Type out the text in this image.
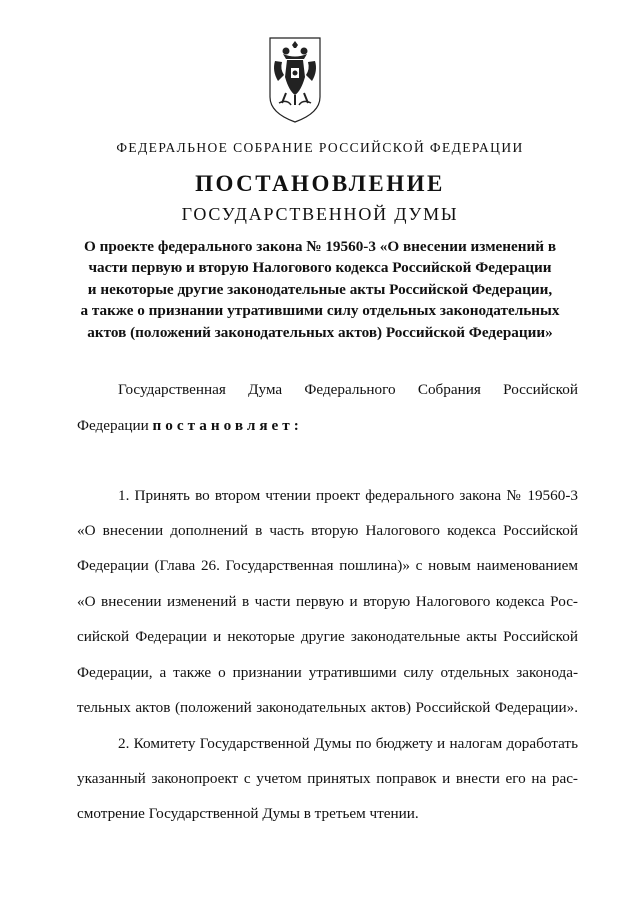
ФЕДЕРАЛЬНОЕ СОБРАНИЕ РОССИЙСКОЙ ФЕДЕРАЦИИ
ПОСТАНОВЛЕНИЕ
ГОСУДАРСТВЕННОЙ ДУМЫ
О проекте федерального закона № 19560-3 «О внесении изменений в
части первую и вторую Налогового кодекса Российской Федерации
и некоторые другие законодательные акты Российской Федерации,
а также о признании утратившими силу отдельных законодательных
актов (положений законодательных актов) Российской Федерации»
Государственная Дума Федерального Собрания Российской
Федерации постановляет:
1. Принять во втором чтении проект федерального закона № 19560-3
«О внесении дополнений в часть вторую Налогового кодекса Российской
Федерации (Глава 26. Государственная пошлина)» с новым наименованием
«О внесении изменений в части первую и вторую Налогового кодекса Рос-
сийской Федерации и некоторые другие законодательные акты Российской
Федерации, а также о признании утратившими силу отдельных законода-
тельных актов (положений законодательных актов) Российской Федерации».
2. Комитету Государственной Думы по бюджету и налогам доработать
указанный законопроект с учетом принятых поправок и внести его на рас-
смотрение Государственной Думы в третьем чтении.
